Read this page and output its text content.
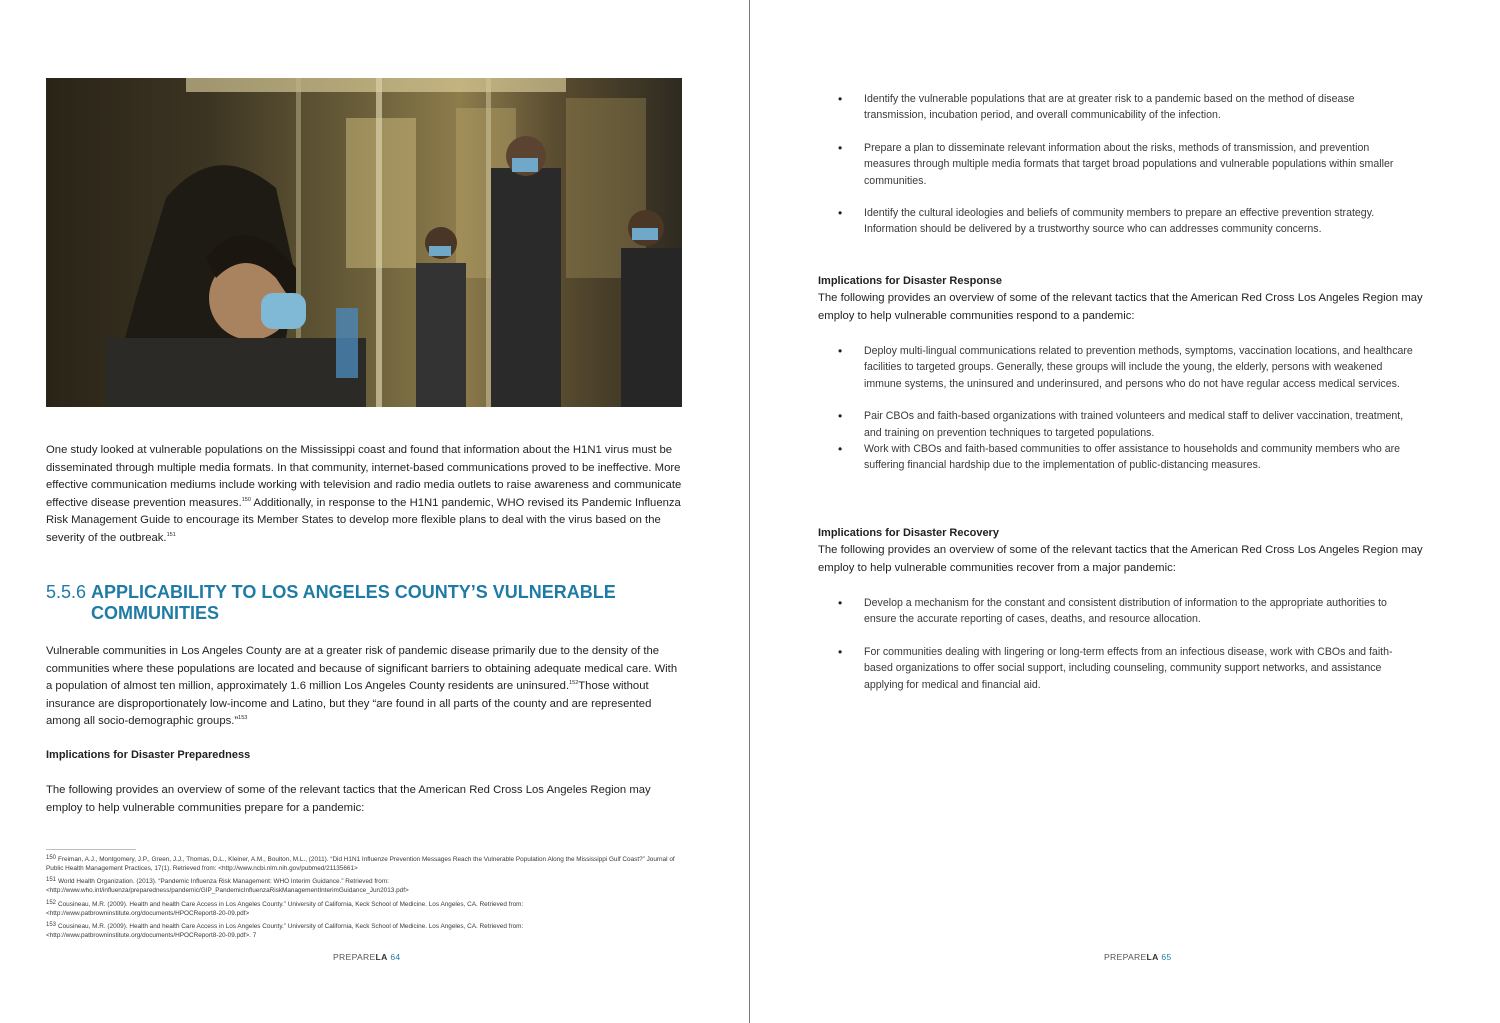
One study looked at vulnerable populations on the Mississippi coast and found that information about the H1N1 virus must be disseminated through multiple media formats. In that community, internet-based communications proved to be ineffective. More effective communication mediums include working with television and radio media outlets to raise awareness and communicate effective disease prevention measures.$^{150}$ Additionally, in response to the H1N1 pandemic, WHO revised its Pandemic Influenza Risk Management Guide to encourage its Member States to develop more flexible plans to deal with the virus based on the severity of the outbreak.$^{151}$

5.5.6 APPLICABILITY TO LOS ANGELES COUNTY’S VULNERABLE COMMUNITIES

Vulnerable communities in Los Angeles County are at a greater risk of pandemic disease primarily due to the density of the communities where these populations are located and because of significant barriers to obtaining adequate medical care. With a population of almost ten million, approximately 1.6 million Los Angeles County residents are uninsured.$^{152}$Those without insurance are disproportionately low-income and Latino, but they “are found in all parts of the county and are represented among all socio-demographic groups.”$^{153}$

Implications for Disaster Preparedness

The following provides an overview of some of the relevant tactics that the American Red Cross Los Angeles Region may employ to help vulnerable communities prepare for a pandemic:

150 Freiman, A.J., Montgomery, J.P., Green, J.J., Thomas, D.L., Kleiner, A.M., Boulton, M.L., (2011). “Did H1N1 Influenze Prevention Messages Reach the Vulnerable Population Along the Mississippi Gulf Coast?” Journal of Public Health Management Practices, 17(1). Retrieved from: <http://www.ncbi.nlm.nih.gov/pubmed/21135661>
151 World Health Organization. (2013). “Pandemic Influenza Risk Management: WHO Interim Guidance.” Retrieved from: <http://www.who.int/influenza/preparedness/pandemic/GIP_PandemicInfluenzaRiskManagementInterimGuidance_Jun2013.pdf>
152 Cousineau, M.R. (2009). Health and health Care Access in Los Angeles County.” University of California, Keck School of Medicine. Los Angeles, CA. Retrieved from: <http://www.patbrowninstitute.org/documents/HPOCReport8-20-09.pdf>
153 Cousineau, M.R. (2009). Health and health Care Access in Los Angeles County.” University of California, Keck School of Medicine. Los Angeles, CA. Retrieved from: <http://www.patbrowninstitute.org/documents/HPOCReport8-20-09.pdf>. 7
PREPARELA 64
• Identify the vulnerable populations that are at greater risk to a pandemic based on the method of disease transmission, incubation period, and overall communicability of the infection.
• Prepare a plan to disseminate relevant information about the risks, methods of transmission, and prevention measures through multiple media formats that target broad populations and vulnerable populations within smaller communities.
• Identify the cultural ideologies and beliefs of community members to prepare an effective prevention strategy. Information should be delivered by a trustworthy source who can addresses community concerns.
Implications for Disaster Response

The following provides an overview of some of the relevant tactics that the American Red Cross Los Angeles Region may employ to help vulnerable communities respond to a pandemic:

• Deploy multi-lingual communications related to prevention methods, symptoms, vaccination locations, and healthcare facilities to targeted groups. Generally, these groups will include the young, the elderly, persons with weakened immune systems, the uninsured and underinsured, and persons who do not have regular access medical services.
• Pair CBOs and faith-based organizations with trained volunteers and medical staff to deliver vaccination, treatment, and training on prevention techniques to targeted populations.
• Work with CBOs and faith-based communities to offer assistance to households and community members who are suffering financial hardship due to the implementation of public-distancing measures.
Implications for Disaster Recovery

The following provides an overview of some of the relevant tactics that the American Red Cross Los Angeles Region may employ to help vulnerable communities recover from a major pandemic:

• Develop a mechanism for the constant and consistent distribution of information to the appropriate authorities to ensure the accurate reporting of cases, deaths, and resource allocation.
• For communities dealing with lingering or long-term effects from an infectious disease, work with CBOs and faith-based organizations to offer social support, including counseling, community support networks, and assistance applying for medical and financial aid.
PREPARELA 65
